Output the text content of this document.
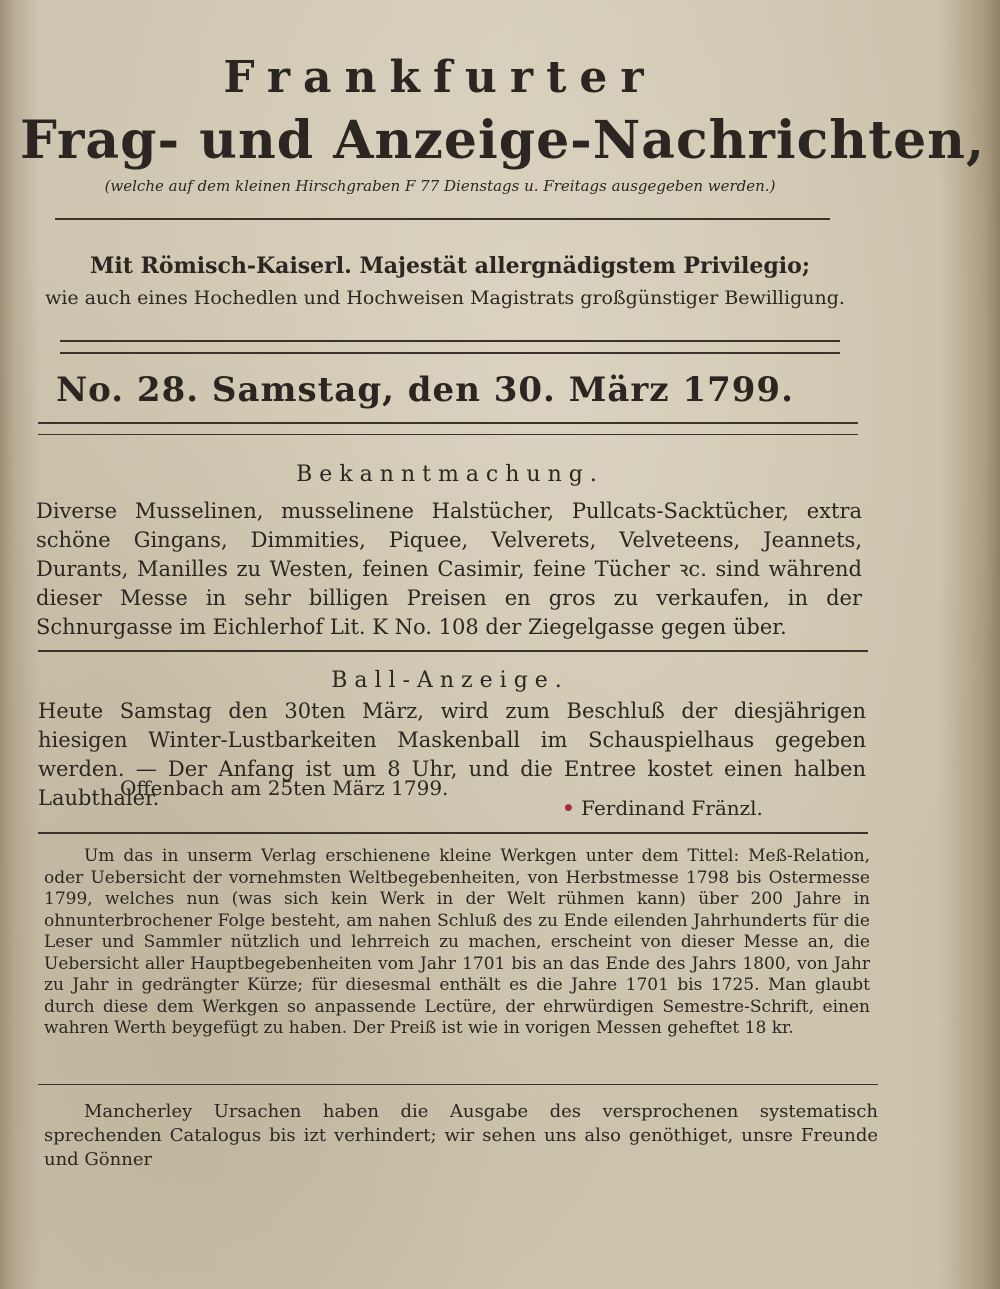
Frankfurter
Frag- und Anzeige-Nachrichten,
(welche auf dem kleinen Hirschgraben F 77 Dienstags u. Freitags ausgegeben werden.)
Mit Römisch-Kaiserl. Majestät allergnädigstem Privilegio;
wie auch eines Hochedlen und Hochweisen Magistrats großgünstiger Bewilligung.
No. 28. Samstag, den 30. März 1799.
Bekanntmachung.
Diverse Musselinen, musselinene Halstücher, Pullcats-Sacktücher, extra schöne Gingans, Dimmities, Piquee, Velverets, Velveteens, Jeannets, Durants, Manilles zu Westen, feinen Casimir, feine Tücher ꝛc. sind während dieser Messe in sehr billigen Preisen en gros zu verkaufen, in der Schnurgasse im Eichlerhof Lit. K No. 108 der Ziegelgasse gegen über.
Ball-Anzeige.
Heute Samstag den 30ten März, wird zum Beschluß der diesjährigen hiesigen Winter-Lustbarkeiten Maskenball im Schauspielhaus gegeben werden. — Der Anfang ist um 8 Uhr, und die Entree kostet einen halben Laubthaler.
Offenbach am 25ten März 1799.
• Ferdinand Fränzl.
Um das in unserm Verlag erschienene kleine Werkgen unter dem Tittel: Meß-Relation, oder Uebersicht der vornehmsten Weltbegebenheiten, von Herbstmesse 1798 bis Ostermesse 1799, welches nun (was sich kein Werk in der Welt rühmen kann) über 200 Jahre in ohnunterbrochener Folge besteht, am nahen Schluß des zu Ende eilenden Jahrhunderts für die Leser und Sammler nützlich und lehrreich zu machen, erscheint von dieser Messe an, die Uebersicht aller Hauptbegebenheiten vom Jahr 1701 bis an das Ende des Jahrs 1800, von Jahr zu Jahr in gedrängter Kürze; für diesesmal enthält es die Jahre 1701 bis 1725. Man glaubt durch diese dem Werkgen so anpassende Lectüre, der ehrwürdigen Semestre-Schrift, einen wahren Werth beygefügt zu haben. Der Preiß ist wie in vorigen Messen geheftet 18 kr.
Mancherley Ursachen haben die Ausgabe des versprochenen systematisch sprechenden Catalogus bis izt verhindert; wir sehen uns also genöthiget, unsre Freunde und Gönner
